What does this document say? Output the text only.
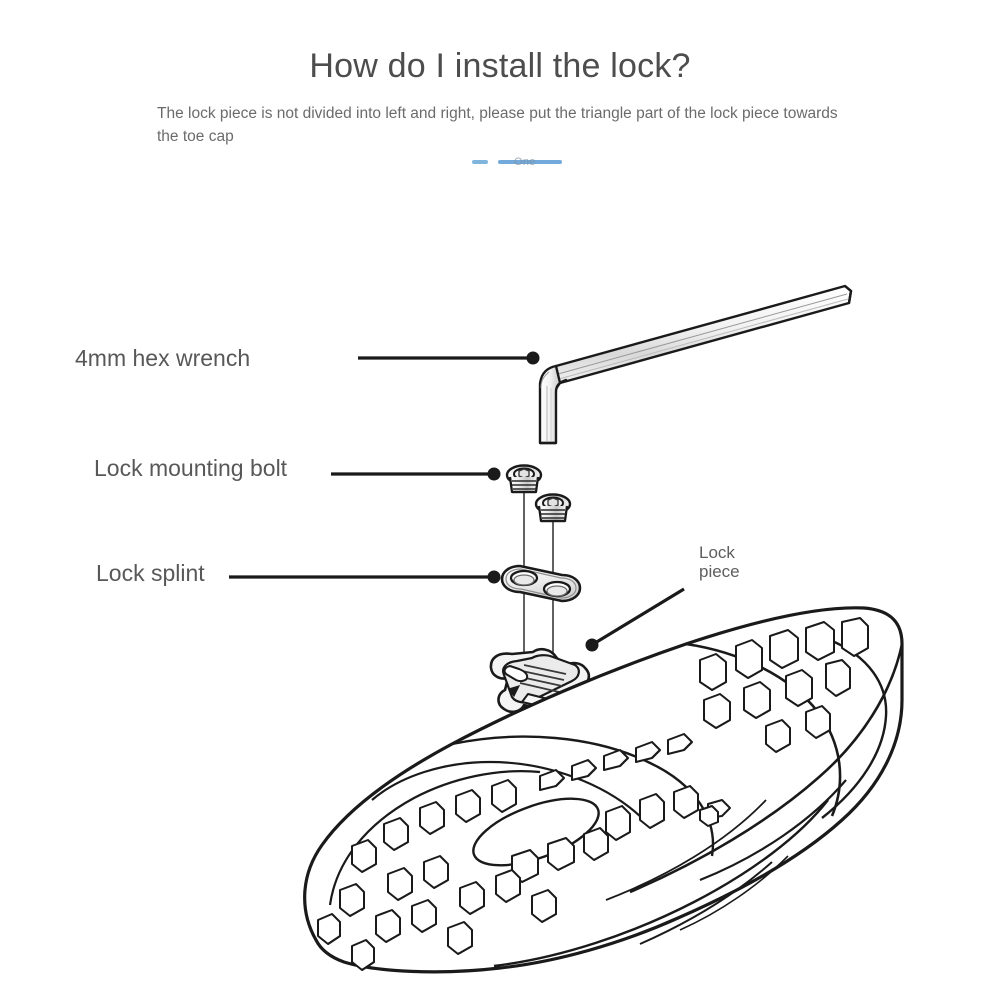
How do I install the lock?

The lock piece is not divided into left and right, please put the triangle part of the lock piece towards the toe cap

One
4mm hex wrench
Lock mounting bolt
Lock splint
Lock piece
